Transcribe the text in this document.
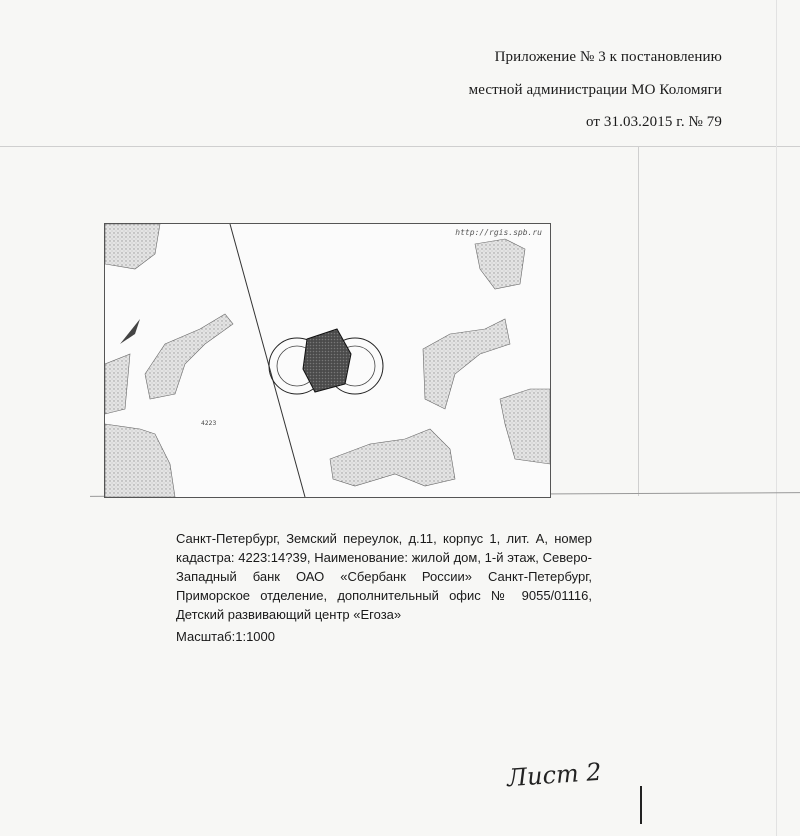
Приложение № 3 к постановлению
местной администрации МО Коломяги
от 31.03.2015 г. № 79
http://rgis.spb.ru
4223
Санкт-Петербург, Земский переулок, д.11, корпус 1, лит. А, номер кадастра: 4223:14?39, Наименование: жилой дом, 1-й этаж, Северо-Западный банк ОАО «Сбербанк России» Санкт-Петербург, Приморское отделение, дополнительный офис № 9055/01116, Детский развивающий центр «Егоза»
Масштаб:1:1000
Лист 2
